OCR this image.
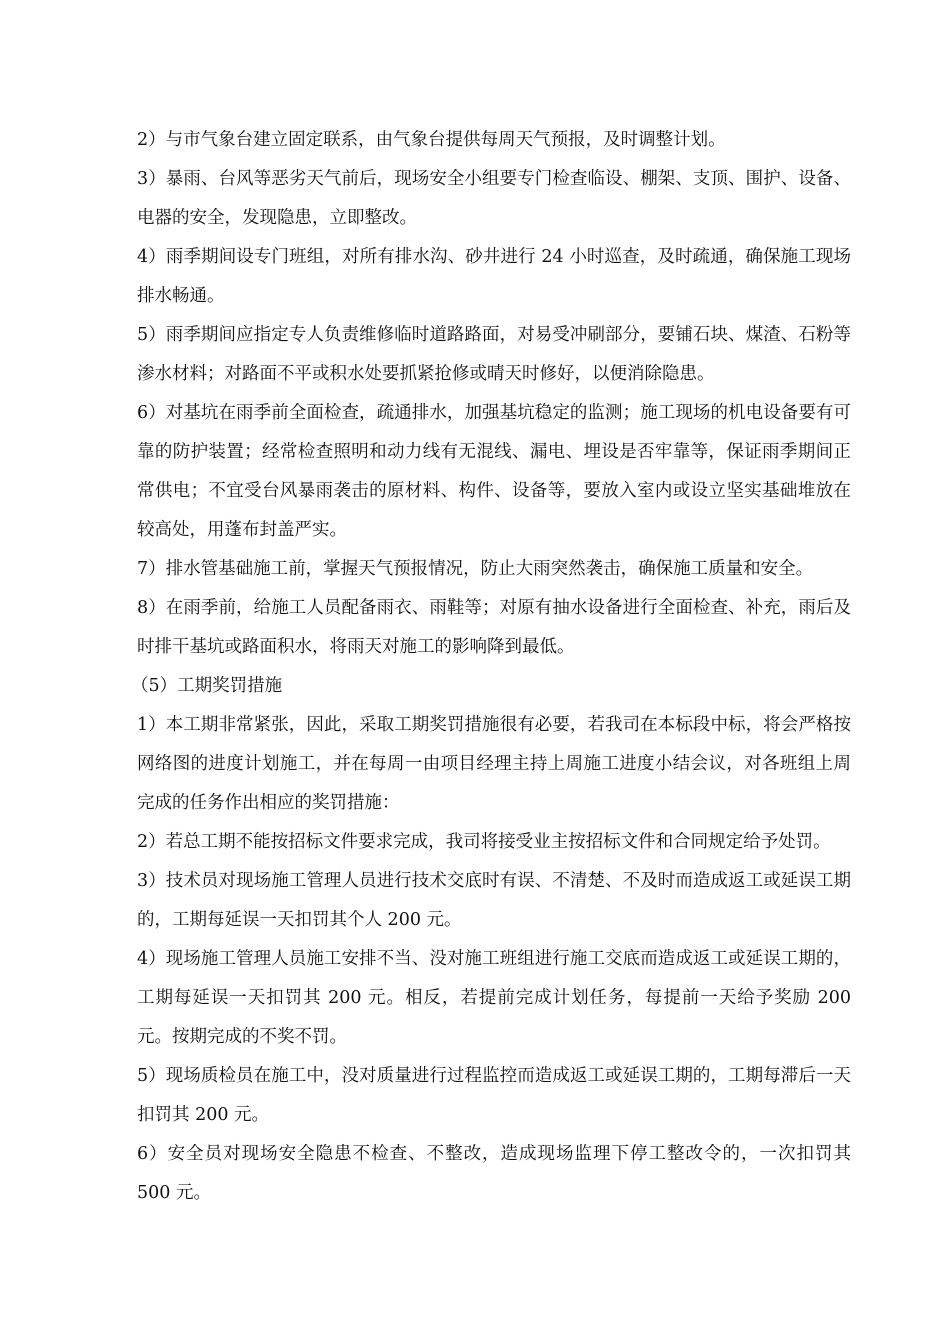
2）与市气象台建立固定联系，由气象台提供每周天气预报，及时调整计划。

3）暴雨、台风等恶劣天气前后，现场安全小组要专门检查临设、棚架、支顶、围护、设备、电器的安全，发现隐患，立即整改。

4）雨季期间设专门班组，对所有排水沟、砂井进行 24 小时巡查，及时疏通，确保施工现场排水畅通。

5）雨季期间应指定专人负责维修临时道路路面，对易受冲刷部分，要铺石块、煤渣、石粉等渗水材料；对路面不平或积水处要抓紧抢修或晴天时修好，以便消除隐患。

6）对基坑在雨季前全面检查，疏通排水，加强基坑稳定的监测；施工现场的机电设备要有可靠的防护装置；经常检查照明和动力线有无混线、漏电、埋设是否牢靠等，保证雨季期间正常供电；不宜受台风暴雨袭击的原材料、构件、设备等，要放入室内或设立坚实基础堆放在较高处，用蓬布封盖严实。

7）排水管基础施工前，掌握天气预报情况，防止大雨突然袭击，确保施工质量和安全。

8）在雨季前，给施工人员配备雨衣、雨鞋等；对原有抽水设备进行全面检查、补充，雨后及时排干基坑或路面积水，将雨天对施工的影响降到最低。

（5）工期奖罚措施

1）本工期非常紧张，因此，采取工期奖罚措施很有必要，若我司在本标段中标，将会严格按网络图的进度计划施工，并在每周一由项目经理主持上周施工进度小结会议，对各班组上周完成的任务作出相应的奖罚措施：

2）若总工期不能按招标文件要求完成，我司将接受业主按招标文件和合同规定给予处罚。

3）技术员对现场施工管理人员进行技术交底时有误、不清楚、不及时而造成返工或延误工期的，工期每延误一天扣罚其个人 200 元。

4）现场施工管理人员施工安排不当、没对施工班组进行施工交底而造成返工或延误工期的，工期每延误一天扣罚其 200 元。相反，若提前完成计划任务，每提前一天给予奖励 200 元。按期完成的不奖不罚。

5）现场质检员在施工中，没对质量进行过程监控而造成返工或延误工期的，工期每滞后一天扣罚其 200 元。

6）安全员对现场安全隐患不检查、不整改，造成现场监理下停工整改令的，一次扣罚其 500 元。
